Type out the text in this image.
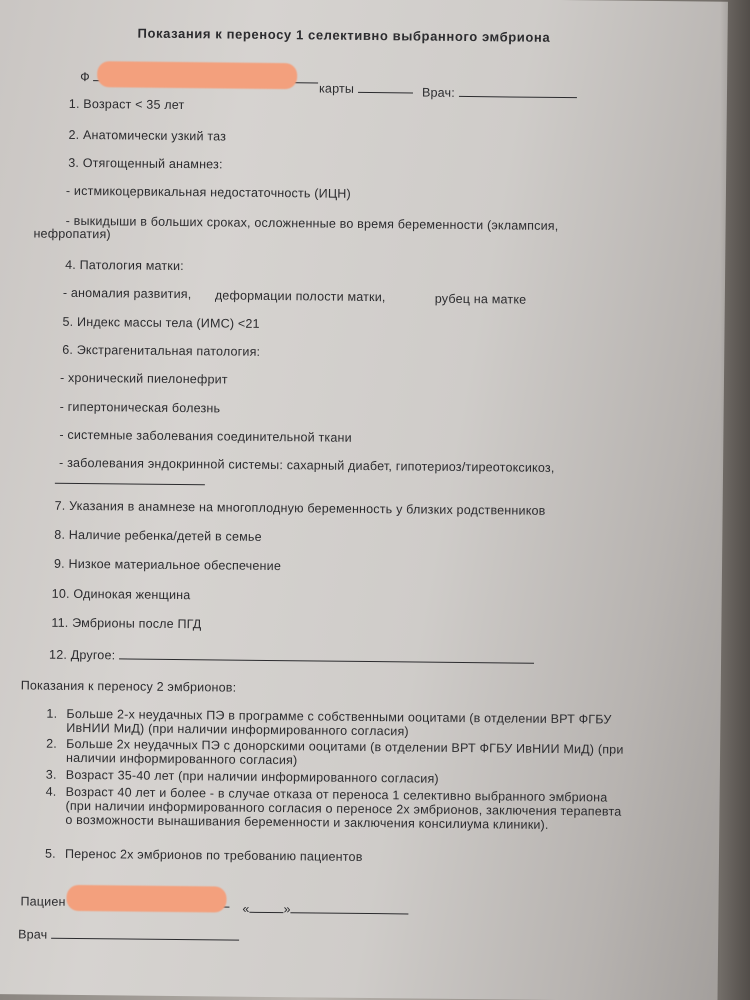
Показания к переносу 1 селективно выбранного эмбриона
Ф
карты	Врач:
1. Возраст < 35 лет
2. Анатомически узкий таз
3. Отягощенный анамнез:
- истмикоцервикальная недостаточность (ИЦН)
- выкидыши в больших сроках, осложненные во время беременности (эклампсия,
нефропатия)
4. Патология матки:
- аномалия развития, деформации полости матки,	рубец на матке
5. Индекс массы тела (ИМС) <21
6. Экстрагенитальная патология:
- хронический пиелонефрит
- гипертоническая болезнь
- системные заболевания соединительной ткани
- заболевания эндокринной системы: сахарный диабет, гипотериоз/тиреотоксикоз,
7. Указания в анамнезе на многоплодную беременность у близких родственников
8. Наличие ребенка/детей в семье
9. Низкое материальное обеспечение
10. Одинокая женщина
11. Эмбрионы после ПГД
12. Другое:
Показания к переносу 2 эмбрионов:
1. Больше 2-х неудачных ПЭ в программе с собственными ооцитами (в отделении ВРТ ФГБУ ИвНИИ МиД) (при наличии информированного согласия)
2. Больше 2х неудачных ПЭ с донорскими ооцитами (в отделении ВРТ ФГБУ ИвНИИ МиД) (при наличии информированного согласия)
3. Возраст 35-40 лет (при наличии информированного согласия)
4. Возраст 40 лет и более - в случае отказа от переноса 1 селективно выбранного эмбриона (при наличии информированного согласия о переносе 2х эмбрионов, заключения терапевта о возможности вынашивания беременности и заключения консилиума клиники).
5. Перенос 2х эмбрионов по требованию пациентов
Пациен	«	»
Врач
